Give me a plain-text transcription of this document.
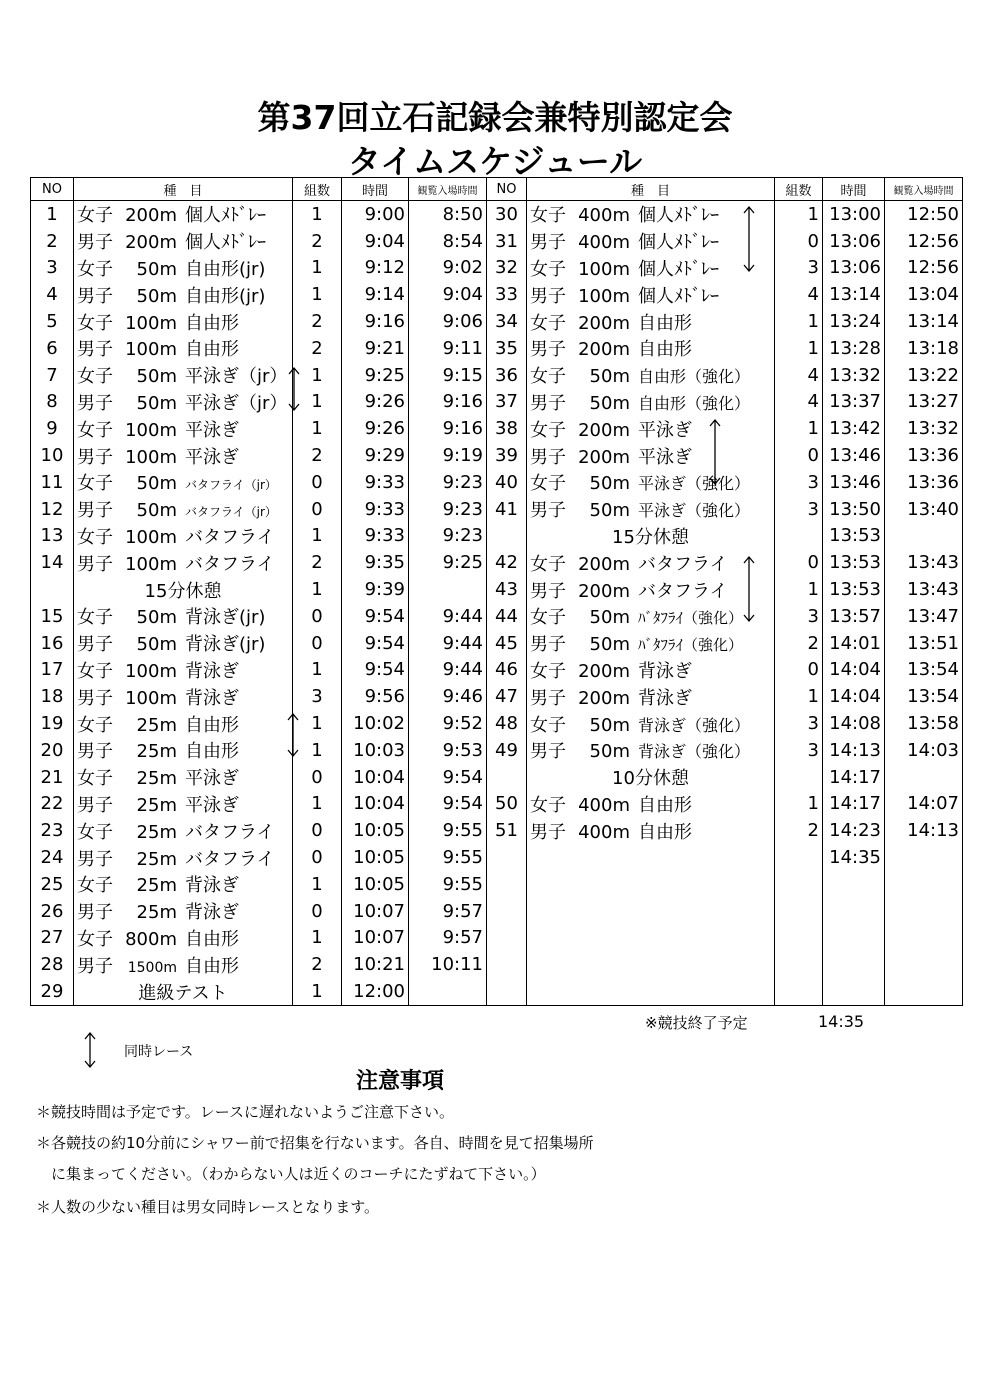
第37回立石記録会兼特別認定会
タイムスケジュール
NO	種　目	組数	時間	観覧入場時間	NO	種　目	組数	時間	観覧入場時間
1	女子 200m 個人ﾒﾄﾞﾚｰ	1	9:00	8:50	30	女子 400m 個人ﾒﾄﾞﾚｰ	1	13:00	12:50
2	男子 200m 個人ﾒﾄﾞﾚｰ	2	9:04	8:54	31	男子 400m 個人ﾒﾄﾞﾚｰ	0	13:06	12:56
3	女子 50m 自由形(jr)	1	9:12	9:02	32	女子 100m 個人ﾒﾄﾞﾚｰ	3	13:06	12:56
4	男子 50m 自由形(jr)	1	9:14	9:04	33	男子 100m 個人ﾒﾄﾞﾚｰ	4	13:14	13:04
5	女子 100m 自由形	2	9:16	9:06	34	女子 200m 自由形	1	13:24	13:14
6	男子 100m 自由形	2	9:21	9:11	35	男子 200m 自由形	1	13:28	13:18
7	女子 50m 平泳ぎ（jr）	1	9:25	9:15	36	女子 50m 自由形（強化）	4	13:32	13:22
8	男子 50m 平泳ぎ（jr）	1	9:26	9:16	37	男子 50m 自由形（強化）	4	13:37	13:27
9	女子 100m 平泳ぎ	1	9:26	9:16	38	女子 200m 平泳ぎ	1	13:42	13:32
10	男子 100m 平泳ぎ	2	9:29	9:19	39	男子 200m 平泳ぎ	0	13:46	13:36
11	女子 50m バタフライ（jr）	0	9:33	9:23	40	女子 50m 平泳ぎ（強化）	3	13:46	13:36
12	男子 50m バタフライ（jr）	0	9:33	9:23	41	男子 50m 平泳ぎ（強化）	3	13:50	13:40
13	女子 100m バタフライ	1	9:33	9:23		15分休憩		13:53	
14	男子 100m バタフライ	2	9:35	9:25	42	女子 200m バタフライ	0	13:53	13:43
	15分休憩	1	9:39		43	男子 200m バタフライ	1	13:53	13:43
15	女子 50m 背泳ぎ(jr)	0	9:54	9:44	44	女子 50m ﾊﾞﾀﾌﾗｲ（強化）	3	13:57	13:47
16	男子 50m 背泳ぎ(jr)	0	9:54	9:44	45	男子 50m ﾊﾞﾀﾌﾗｲ（強化）	2	14:01	13:51
17	女子 100m 背泳ぎ	1	9:54	9:44	46	女子 200m 背泳ぎ	0	14:04	13:54
18	男子 100m 背泳ぎ	3	9:56	9:46	47	男子 200m 背泳ぎ	1	14:04	13:54
19	女子 25m 自由形	1	10:02	9:52	48	女子 50m 背泳ぎ（強化）	3	14:08	13:58
20	男子 25m 自由形	1	10:03	9:53	49	男子 50m 背泳ぎ（強化）	3	14:13	14:03
21	女子 25m 平泳ぎ	0	10:04	9:54		10分休憩		14:17	
22	男子 25m 平泳ぎ	1	10:04	9:54	50	女子 400m 自由形	1	14:17	14:07
23	女子 25m バタフライ	0	10:05	9:55	51	男子 400m 自由形	2	14:23	14:13
24	男子 25m バタフライ	0	10:05	9:55				14:35	
25	女子 25m 背泳ぎ	1	10:05	9:55					
26	男子 25m 背泳ぎ	0	10:07	9:57					
27	女子 800m 自由形	1	10:07	9:57					
28	男子 1500m 自由形	2	10:21	10:11					
29	進級テスト	1	12:00						
※競技終了予定	14:35
同時レース
注意事項
＊競技時間は予定です。レースに遅れないようご注意下さい。
＊各競技の約10分前にシャワー前で招集を行ないます。各自、時間を見て招集場所
　に集まってください。（わからない人は近くのコーチにたずねて下さい。）
＊人数の少ない種目は男女同時レースとなります。
